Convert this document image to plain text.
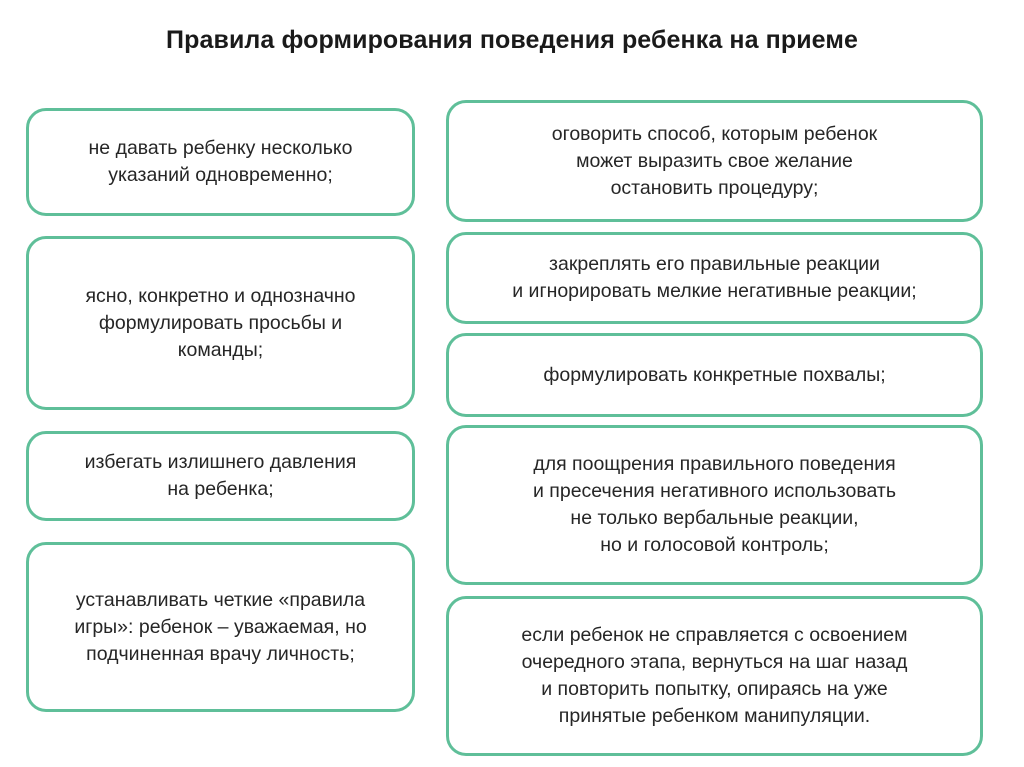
Правила формирования поведения ребенка на приеме
не давать ребенку несколько
указаний одновременно;
ясно, конкретно и однозначно
формулировать просьбы и
команды;
избегать излишнего давления
на ребенка;
устанавливать четкие «правила
игры»: ребенок – уважаемая, но
подчиненная врачу личность;
оговорить способ, которым ребенок
может выразить свое желание
остановить процедуру;
закреплять его правильные реакции
и игнорировать мелкие негативные реакции;
формулировать конкретные похвалы;
для поощрения правильного поведения
и пресечения негативного использовать
не только вербальные реакции,
но и голосовой контроль;
если ребенок не справляется с освоением
очередного этапа, вернуться на шаг назад
и повторить попытку, опираясь на уже
принятые ребенком манипуляции.
